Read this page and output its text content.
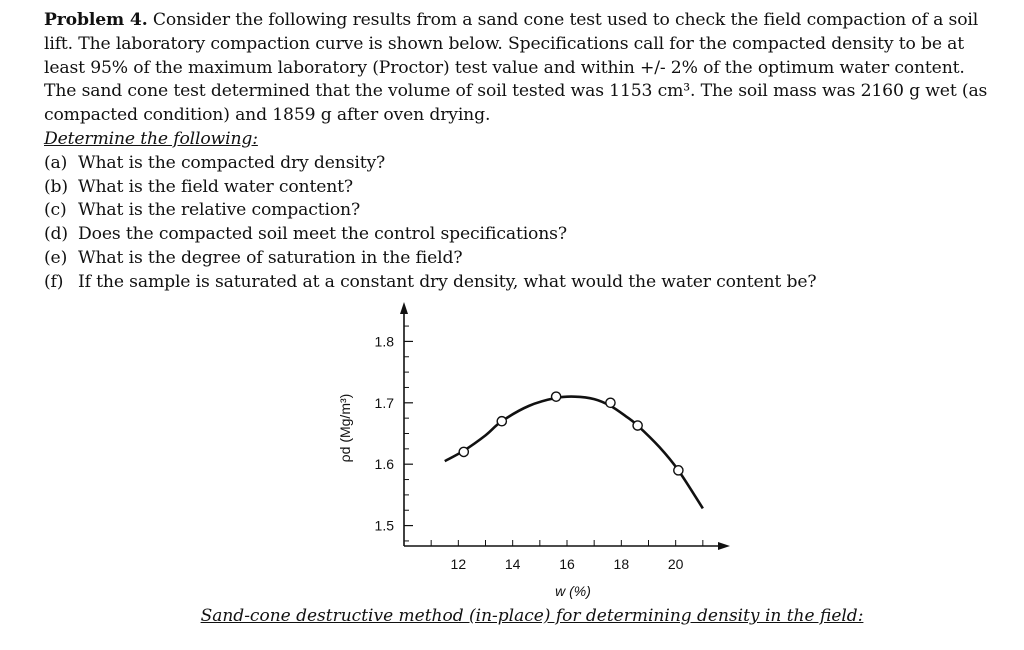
Problem 4. Consider the following results from a sand cone test used to check the field compaction of a soil lift. The laboratory compaction curve is shown below. Specifications call for the compacted density to be at least 95% of the maximum laboratory (Proctor) test value and within +/- 2% of the optimum water content. The sand cone test determined that the volume of soil tested was 1153 cm³. The soil mass was 2160 g wet (as compacted condition) and 1859 g after oven drying.

Determine the following:

(a) What is the compacted dry density?
(b) What is the field water content?
(c) What is the relative compaction?
(d) Does the compacted soil meet the control specifications?
(e) What is the degree of saturation in the field?
(f) If the sample is saturated at a constant dry density, what would the water content be?
1.5
1.6
1.7
1.8
12	14	16	18	20
w (%)
ρd (Mg/m³)
Sand-cone destructive method (in-place) for determining density in the field:
